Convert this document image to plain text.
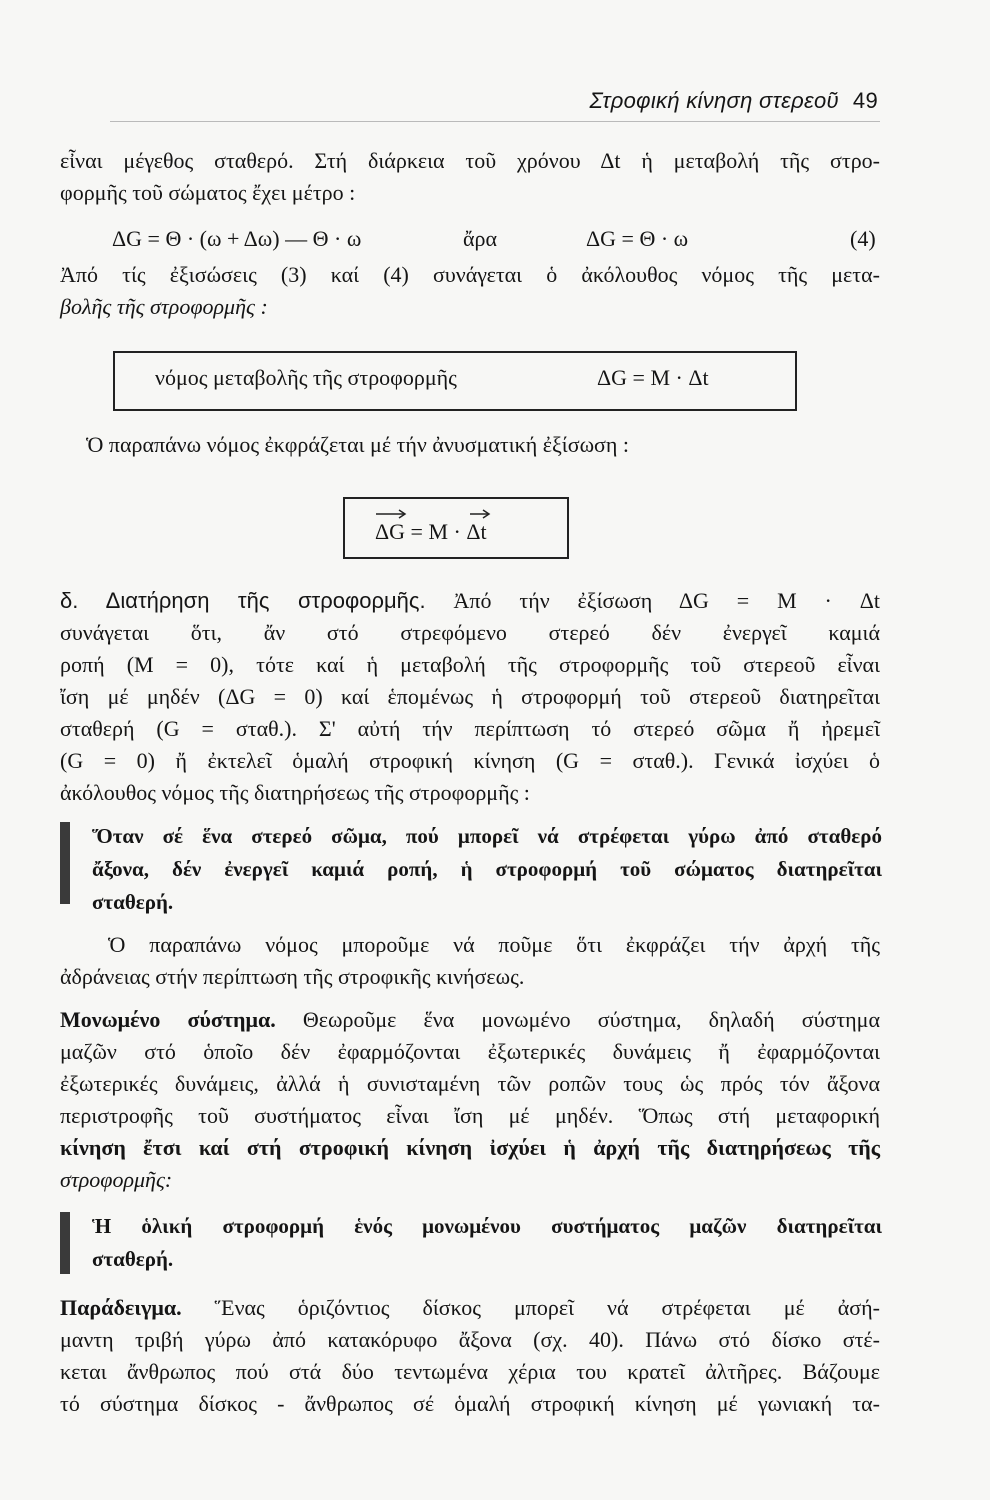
Στροφική κίνηση στερεοῦ 49
εἶναι μέγεθος σταθερό. Στή διάρκεια τοῦ χρόνου Δt ἡ μεταβολή τῆς στρο-
φορμῆς τοῦ σώματος ἔχει μέτρο :
ΔG = Θ · (ω + Δω) — Θ · ω	ἄρα	ΔG = Θ · ω	(4)
Ἀπό τίς ἐξισώσεις (3) καί (4) συνάγεται ὁ ἀκόλουθος νόμος τῆς μετα-
βολῆς τῆς στροφορμῆς :
νόμος μεταβολῆς τῆς στροφορμῆς	ΔG = M · Δt
Ὁ παραπάνω νόμος ἐκφράζεται μέ τήν ἀνυσματική ἐξίσωση :
ΔG = M · Δt
δ. Διατήρηση τῆς στροφορμῆς. Ἀπό τήν ἐξίσωση ΔG = M · Δt
συνάγεται ὅτι, ἄν στό στρεφόμενο στερεό δέν ἐνεργεῖ καμιά
ροπή (M = 0), τότε καί ἡ μεταβολή τῆς στροφορμῆς τοῦ στερεοῦ εἶναι
ἴση μέ μηδέν (ΔG = 0) καί ἑπομένως ἡ στροφορμή τοῦ στερεοῦ διατηρεῖται
σταθερή (G = σταθ.). Σ' αὐτή τήν περίπτωση τό στερεό σῶμα ἤ ἠρεμεῖ
(G = 0) ἤ ἐκτελεῖ ὁμαλή στροφική κίνηση (G = σταθ.). Γενικά ἰσχύει ὁ
ἀκόλουθος νόμος τῆς διατηρήσεως τῆς στροφορμῆς :
Ὅταν σέ ἕνα στερεό σῶμα, πού μπορεῖ νά στρέφεται γύρω ἀπό σταθερό
ἄξονα, δέν ἐνεργεῖ καμιά ροπή, ἡ στροφορμή τοῦ σώματος διατηρεῖται
σταθερή.
Ὁ παραπάνω νόμος μπορoῦμε νά ποῦμε ὅτι ἐκφράζει τήν ἀρχή τῆς
ἀδράνειας στήν περίπτωση τῆς στροφικῆς κινήσεως.
Μονωμένο σύστημα. Θεωροῦμε ἕνα μονωμένο σύστημα, δηλαδή σύστημα
μαζῶν στό ὁποῖο δέν ἐφαρμόζονται ἐξωτερικές δυνάμεις ἤ ἐφαρμόζονται
ἐξωτερικές δυνάμεις, ἀλλά ἡ συνισταμένη τῶν ροπῶν τους ὡς πρός τόν ἄξονα
περιστροφῆς τοῦ συστήματος εἶναι ἴση μέ μηδέν. Ὅπως στή μεταφορική
κίνηση ἔτσι καί στή στροφική κίνηση ἰσχύει ἡ ἀρχή τῆς διατηρήσεως τῆς
στροφορμῆς:
Ἡ ὁλική στροφορμή ἑνός μονωμένου συστήματος μαζῶν διατηρεῖται
σταθερή.
Παράδειγμα. Ἕνας ὁριζόντιος δίσκος μπορεῖ νά στρέφεται μέ ἀσή-
μαντη τριβή γύρω ἀπό κατακόρυφο ἄξονα (σχ. 40). Πάνω στό δίσκο στέ-
κεται ἄνθρωπος πού στά δύο τεντωμένα χέρια του κρατεῖ ἀλτῆρες. Βάζουμε
τό σύστημα δίσκος - ἄνθρωπος σέ ὁμαλή στροφική κίνηση μέ γωνιακή τα-
